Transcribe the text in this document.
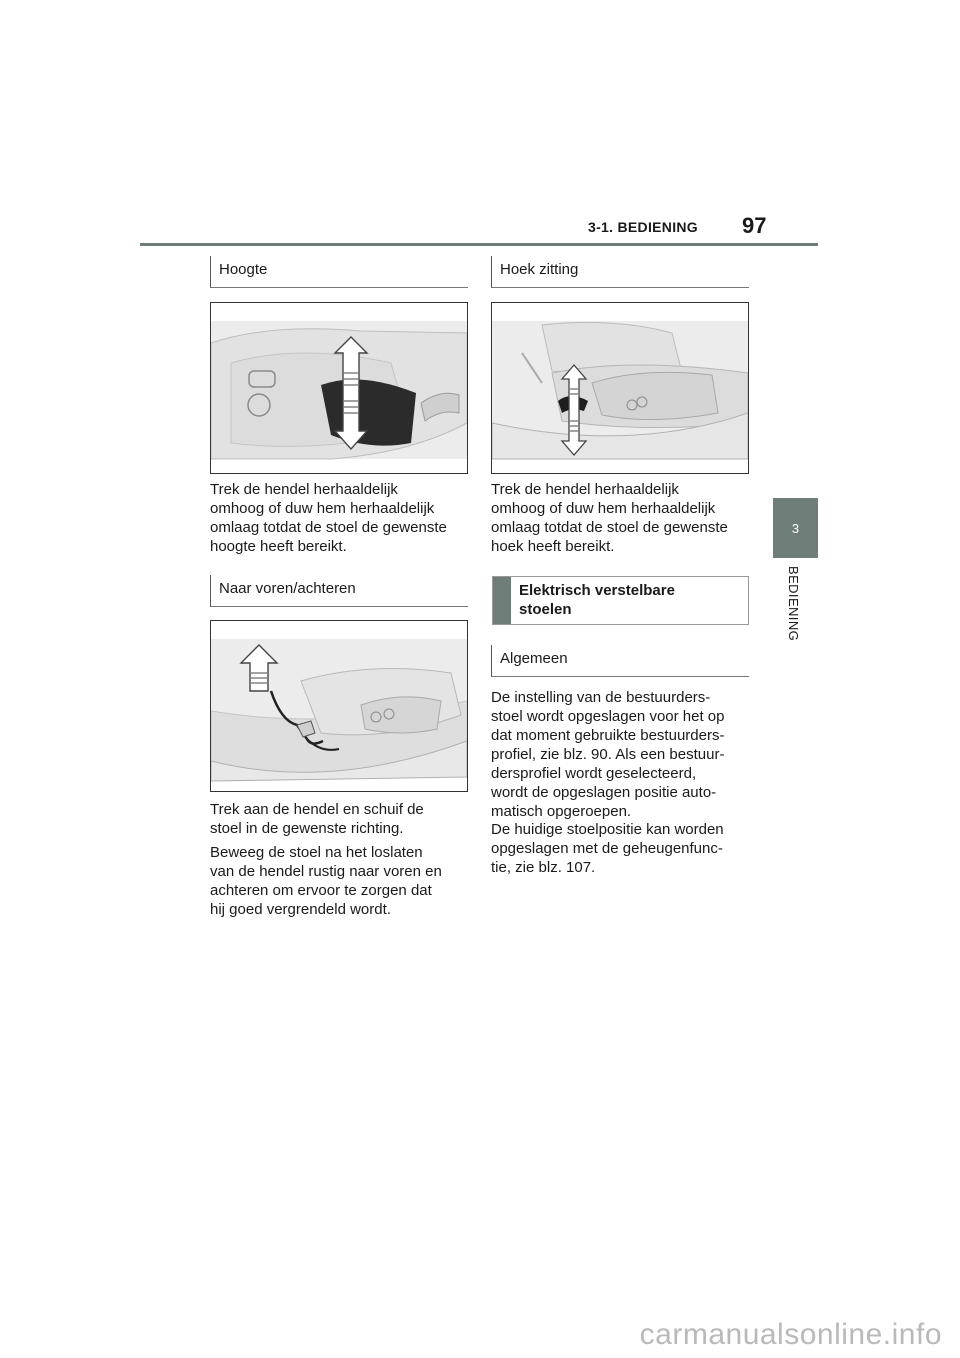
3-1. BEDIENING 97
3
BEDIENING
Hoogte
Trek de hendel herhaaldelijk
omhoog of duw hem herhaaldelijk
omlaag totdat de stoel de gewenste
hoogte heeft bereikt.
Naar voren/achteren
Trek aan de hendel en schuif de
stoel in de gewenste richting.
Beweeg de stoel na het loslaten
van de hendel rustig naar voren en
achteren om ervoor te zorgen dat
hij goed vergrendeld wordt.
Hoek zitting
Trek de hendel herhaaldelijk
omhoog of duw hem herhaaldelijk
omlaag totdat de stoel de gewenste
hoek heeft bereikt.
Elektrisch verstelbare
stoelen
Algemeen
De instelling van de bestuurders-
stoel wordt opgeslagen voor het op
dat moment gebruikte bestuurders-
profiel, zie blz. 90. Als een bestuur-
dersprofiel wordt geselecteerd,
wordt de opgeslagen positie auto-
matisch opgeroepen.
De huidige stoelpositie kan worden
opgeslagen met de geheugenfunc-
tie, zie blz. 107.
carmanualsonline.info
